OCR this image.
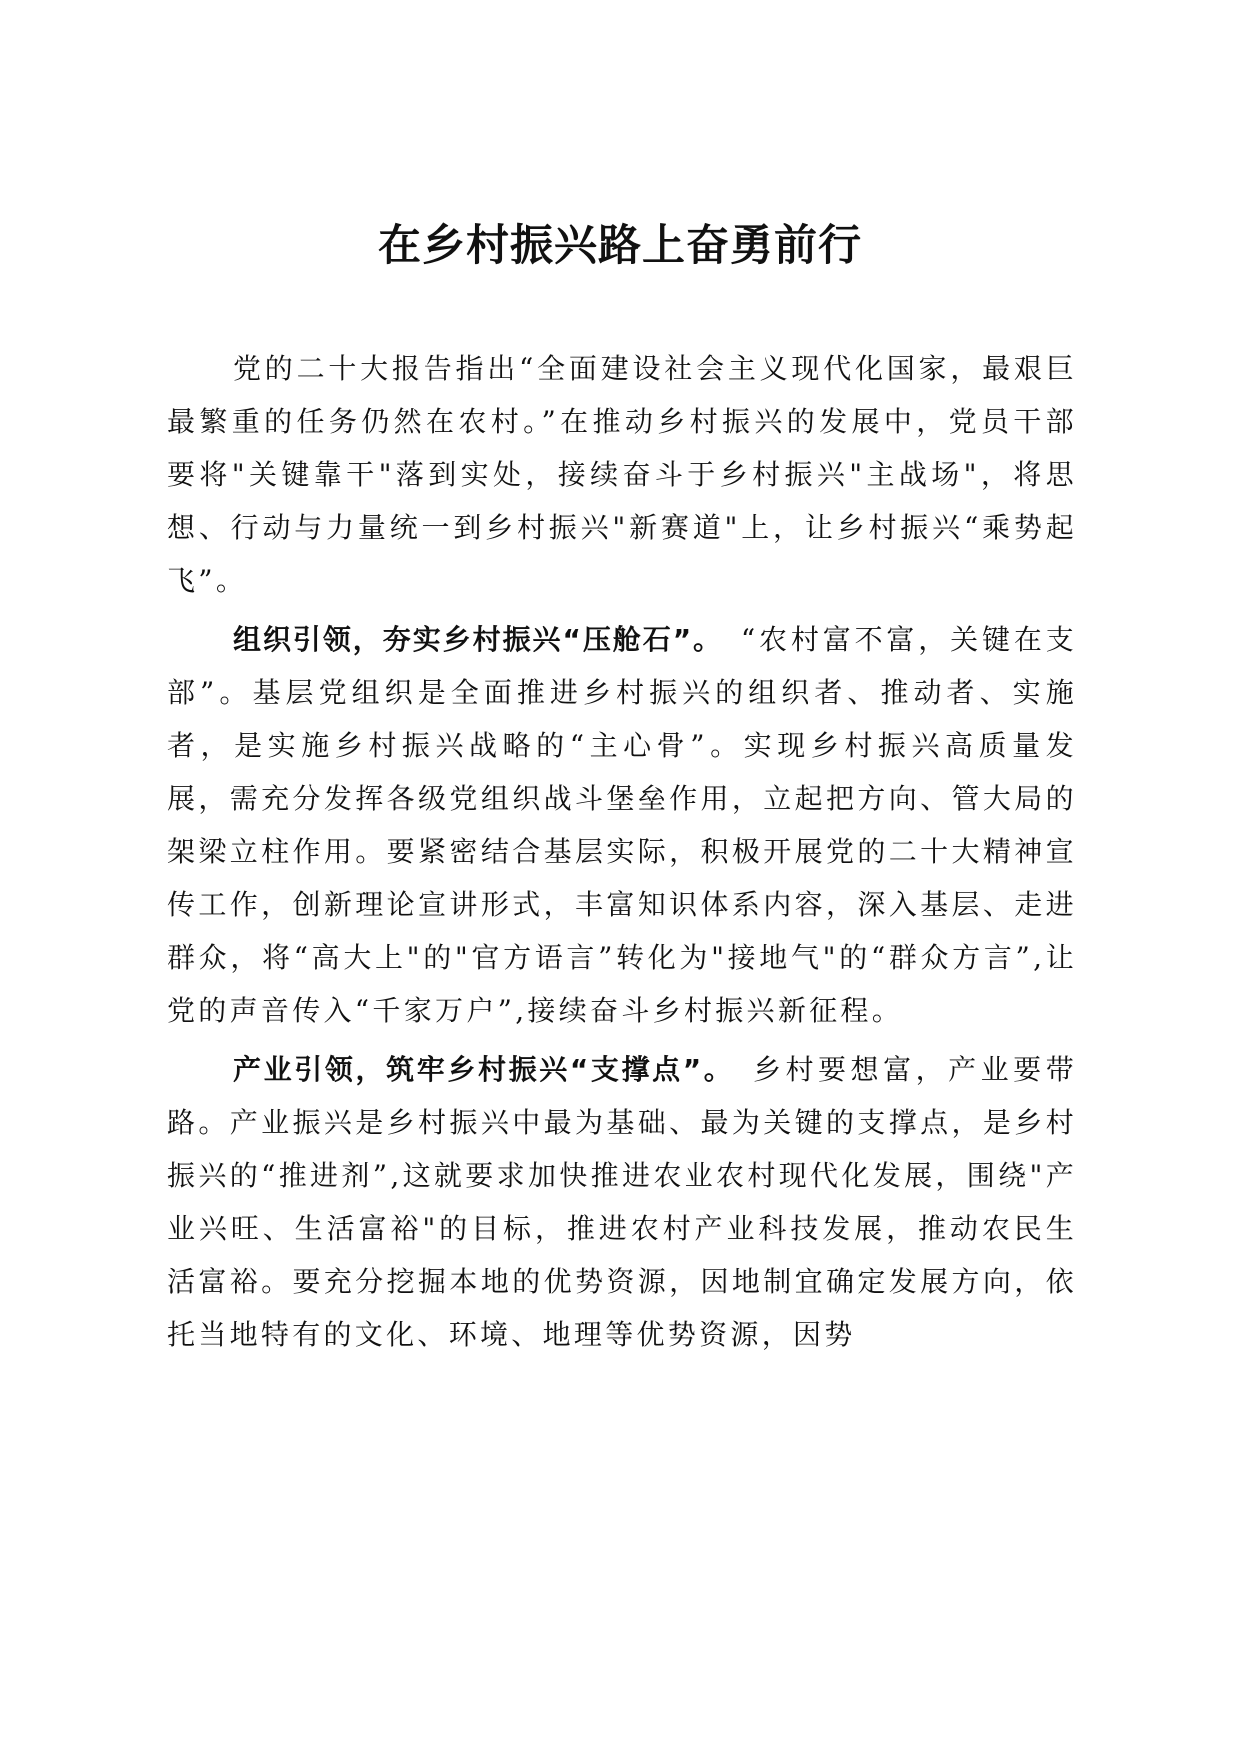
在乡村振兴路上奋勇前行

党的二十大报告指出“全面建设社会主义现代化国家，最艰巨最繁重的任务仍然在农村。”在推动乡村振兴的发展中，党员干部要将"关键靠干"落到实处，接续奋斗于乡村振兴"主战场"，将思想、行动与力量统一到乡村振兴"新赛道"上，让乡村振兴“乘势起飞”。

组织引领，夯实乡村振兴“压舱石”。　“农村富不富，关键在支部”。基层党组织是全面推进乡村振兴的组织者、推动者、实施者，是实施乡村振兴战略的“主心骨”。实现乡村振兴高质量发展，需充分发挥各级党组织战斗堡垒作用，立起把方向、管大局的架梁立柱作用。要紧密结合基层实际，积极开展党的二十大精神宣传工作，创新理论宣讲形式，丰富知识体系内容，深入基层、走进群众，将“高大上"的"官方语言”转化为"接地气"的“群众方言”,让党的声音传入“千家万户”,接续奋斗乡村振兴新征程。

产业引领，筑牢乡村振兴“支撑点”。　乡村要想富，产业要带路。产业振兴是乡村振兴中最为基础、最为关键的支撑点，是乡村振兴的“推进剂”,这就要求加快推进农业农村现代化发展，围绕"产业兴旺、生活富裕"的目标，推进农村产业科技发展，推动农民生活富裕。要充分挖掘本地的优势资源，因地制宜确定发展方向，依托当地特有的文化、环境、地理等优势资源，因势
